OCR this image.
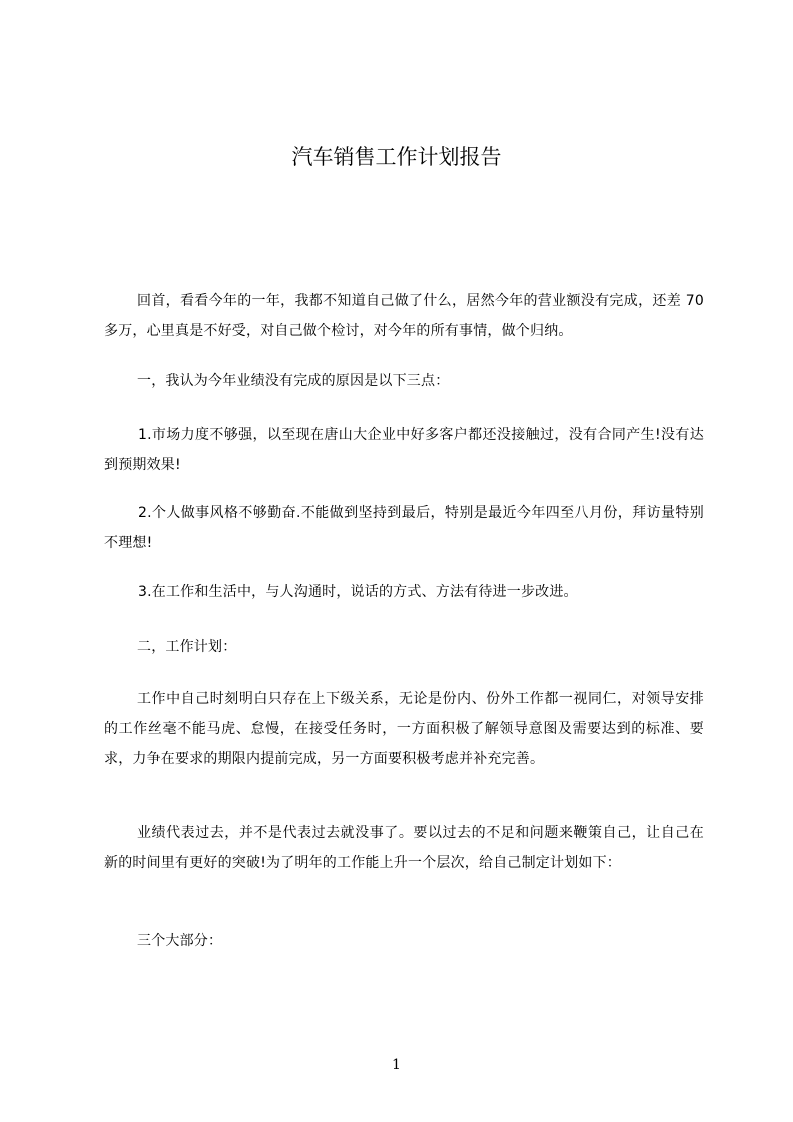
汽车销售工作计划报告

回首，看看今年的一年，我都不知道自己做了什么，居然今年的营业额没有完成，还差 70 多万，心里真是不好受，对自己做个检讨，对今年的所有事情，做个归纳。

一，我认为今年业绩没有完成的原因是以下三点：

1.市场力度不够强，以至现在唐山大企业中好多客户都还没接触过，没有合同产生!没有达到预期效果!

2.个人做事风格不够勤奋.不能做到坚持到最后，特别是最近今年四至八月份，拜访量特别不理想!

3.在工作和生活中，与人沟通时，说话的方式、方法有待进一步改进。

二，工作计划：

工作中自己时刻明白只存在上下级关系，无论是份内、份外工作都一视同仁，对领导安排的工作丝毫不能马虎、怠慢，在接受任务时，一方面积极了解领导意图及需要达到的标准、要求，力争在要求的期限内提前完成，另一方面要积极考虑并补充完善。

业绩代表过去，并不是代表过去就没事了。要以过去的不足和问题来鞭策自己，让自己在新的时间里有更好的突破!为了明年的工作能上升一个层次，给自己制定计划如下：

三个大部分：

1
